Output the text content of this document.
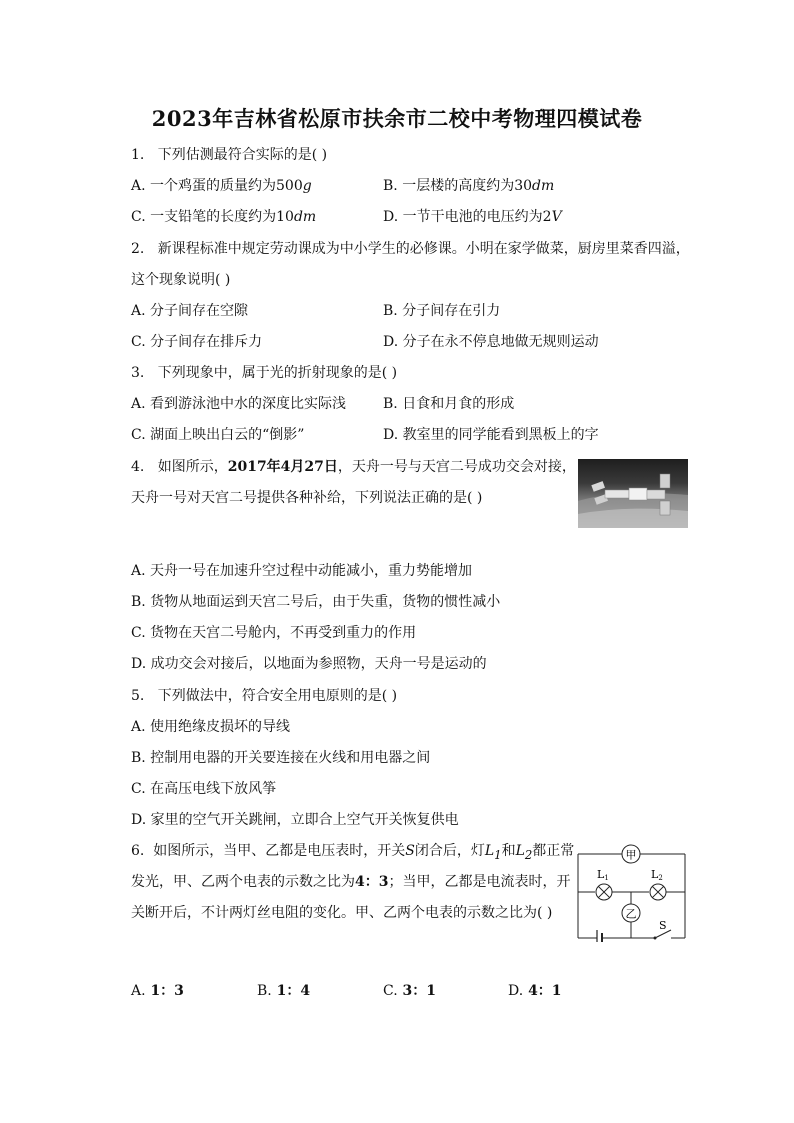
2023年吉林省松原市扶余市二校中考物理四模试卷
1. 下列估测最符合实际的是( )
A. 一个鸡蛋的质量约为500g	B. 一层楼的高度约为30dm
C. 一支铅笔的长度约为10dm	D. 一节干电池的电压约为2V
2. 新课程标准中规定劳动课成为中小学生的必修课。小明在家学做菜，厨房里菜香四溢，
这个现象说明( )
A. 分子间存在空隙	B. 分子间存在引力
C. 分子间存在排斥力	D. 分子在永不停息地做无规则运动
3. 下列现象中，属于光的折射现象的是( )
A. 看到游泳池中水的深度比实际浅	B. 日食和月食的形成
C. 湖面上映出白云的“倒影”	D. 教室里的同学能看到黑板上的字
4. 如图所示，2017年4月27日，天舟一号与天宫二号成功交会对接，
天舟一号对天宫二号提供各种补给，下列说法正确的是( )
A. 天舟一号在加速升空过程中动能减小，重力势能增加
B. 货物从地面运到天宫二号后，由于失重，货物的惯性减小
C. 货物在天宫二号舱内，不再受到重力的作用
D. 成功交会对接后，以地面为参照物，天舟一号是运动的
5. 下列做法中，符合安全用电原则的是( )
A. 使用绝缘皮损坏的导线
B. 控制用电器的开关要连接在火线和用电器之间
C. 在高压电线下放风筝
D. 家里的空气开关跳闸，立即合上空气开关恢复供电
6. 如图所示，当甲、乙都是电压表时，开关S闭合后，灯$L_1$和$L_2$都正常
发光，甲、乙两个电表的示数之比为4：3；当甲，乙都是电流表时，开
关断开后，不计两灯丝电阻的变化。甲、乙两个电表的示数之比为( )
甲
L1	L2
乙
S
A. 1：3	B. 1：4	C. 3：1	D. 4：1
